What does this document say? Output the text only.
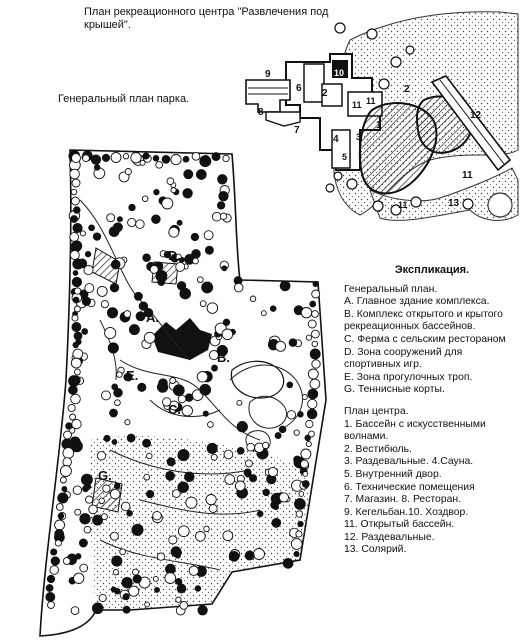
План рекреационного центра "Развлечения под крышей".
Генеральный план парка.
9
8
7
6 2
10
11 11
2
4
5
3
1
12
11
11	13
D.
A.
B.
E.
C.
G.
Экспликация.
Генеральный план.
А. Главное здание комплекса.
В. Комплекс открытого и крытого рекреационных бассейнов.
С. Ферма с сельским рестораном
D. Зона сооружений для спортивных игр.
Е. Зона прогулочных троп.
G. Теннисные корты.
План центра.
1. Бассейн с искусственными волнами.
2. Вестибюль.
3. Раздевальные. 4.Сауна.
5. Внутренний двор.
6. Технические помещения
7. Магазин. 8. Ресторан.
9. Кегельбан.10. Хоздвор.
11. Открытый бассейн.
12. Раздевальные.
13. Солярий.
